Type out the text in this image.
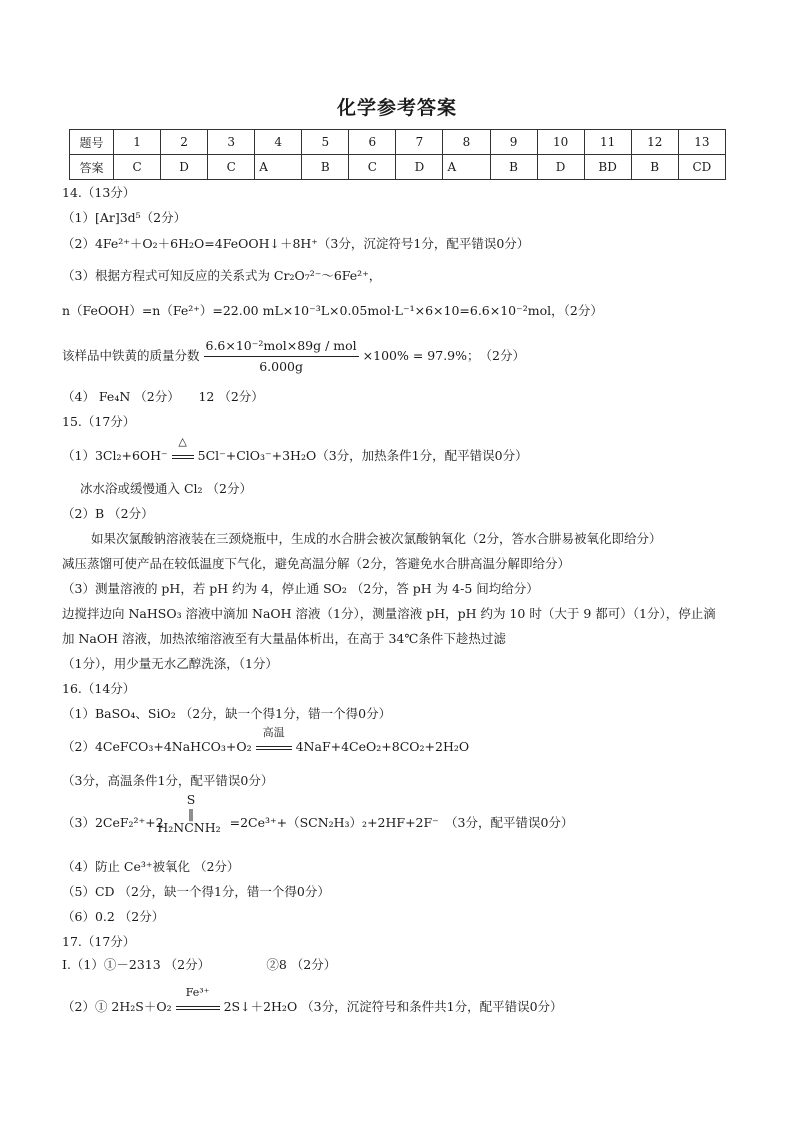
化学参考答案
题号	1	2	3	4	5	6	7	8	9	10	11	12	13
答案	C	D	C	A	B	C	D	A	B	D	BD	B	CD
14.（13分）
（1）[Ar]3d⁵（2分）
（2）4Fe²⁺＋O₂＋6H₂O=4FeOOH↓＋8H⁺（3分，沉淀符号1分，配平错误0分）
（3）根据方程式可知反应的关系式为 Cr₂O₇²⁻～6Fe²⁺，
n（FeOOH）=n（Fe²⁺）=22.00 mL×10⁻³L×0.05mol·L⁻¹×6×10=6.6×10⁻²mol，（2分）
该样品中铁黄的质量分数 $\frac{\text{6.6×10⁻²mol×89g / mol}}{6.000g} \times 100\% = 97.9\%$；　（2分）
（4） Fe₄N （2分）　　12 （2分）
15.（17分）
（1）3Cl₂+6OH⁻
△
5Cl⁻+ClO₃⁻+3H₂O（3分，加热条件1分，配平错误0分）
冰水浴或缓慢通入 Cl₂ （2分）
（2）B （2分）
如果次氯酸钠溶液装在三颈烧瓶中，生成的水合肼会被次氯酸钠氧化（2分，答水合肼易被氧化即给分）
减压蒸馏可使产品在较低温度下气化，避免高温分解（2分，答避免水合肼高温分解即给分）
（3）测量溶液的 pH，若 pH 约为 4，停止通 SO₂ （2分，答 pH 为 4-5 间均给分）
边搅拌边向 NaHSO₃ 溶液中滴加 NaOH 溶液（1分），测量溶液 pH，pH 约为 10 时（大于 9 都可）（1分），停止滴
加 NaOH 溶液，加热浓缩溶液至有大量晶体析出，在高于 34℃条件下趁热过滤
（1分），用少量无水乙醇洗涤，（1分）
16.（14分）
（1）BaSO₄、SiO₂ （2分，缺一个得1分，错一个得0分）
（2）4CeFCO₃+4NaHCO₃+O₂
高温
4NaF+4CeO₂+8CO₂+2H₂O
（3分，高温条件1分，配平错误0分）
S
‖
H₂NCNH₂
（3）2CeF₂²⁺+2	=2Ce³⁺+（SCN₂H₃）₂+2HF+2F⁻　（3分，配平错误0分）
（4）防止 Ce³⁺被氧化 （2分）
（5）CD （2分，缺一个得1分，错一个得0分）
（6）0.2 （2分）
17.（17分）
Ⅰ.（1）①－2313 （2分）　　　　　②8 （2分）
（2）① 2H₂S＋O₂
Fe³⁺
2S↓＋2H₂O （3分，沉淀符号和条件共1分，配平错误0分）
